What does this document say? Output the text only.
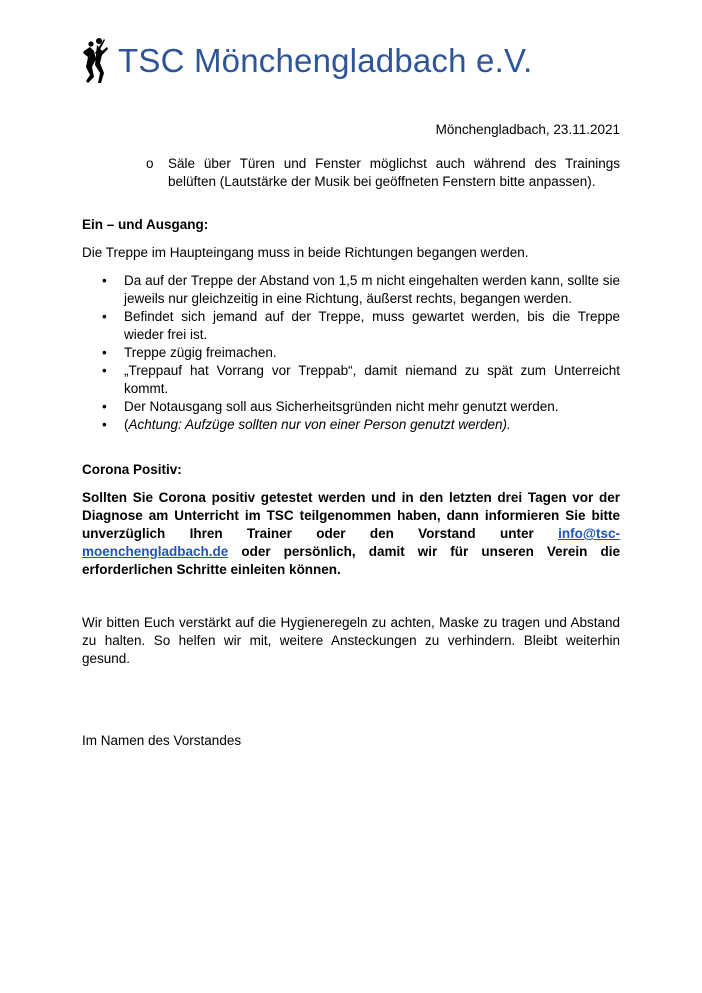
TSC Mönchengladbach e.V.
Mönchengladbach, 23.11.2021
o	Säle über Türen und Fenster möglichst auch während des Trainings belüften (Lautstärke der Musik bei geöffneten Fenstern bitte anpassen).

Ein – und Ausgang:

Die Treppe im Haupteingang muss in beide Richtungen begangen werden.

•	Da auf der Treppe der Abstand von 1,5 m nicht eingehalten werden kann, sollte sie jeweils nur gleichzeitig in eine Richtung, äußerst rechts, begangen werden.
•	Befindet sich jemand auf der Treppe, muss gewartet werden, bis die Treppe wieder frei ist.
•	Treppe zügig freimachen.
•	„Treppauf hat Vorrang vor Treppab“, damit niemand zu spät zum Unterreicht kommt.
•	Der Notausgang soll aus Sicherheitsgründen nicht mehr genutzt werden.
•	(Achtung: Aufzüge sollten nur von einer Person genutzt werden).

Corona Positiv:

Sollten Sie Corona positiv getestet werden und in den letzten drei Tagen vor der Diagnose am Unterricht im TSC teilgenommen haben, dann informieren Sie bitte unverzüglich Ihren Trainer oder den Vorstand unter info@tsc-moenchengladbach.de oder persönlich, damit wir für unseren Verein die erforderlichen Schritte einleiten können.

Wir bitten Euch verstärkt auf die Hygieneregeln zu achten, Maske zu tragen und Abstand zu halten. So helfen wir mit, weitere Ansteckungen zu verhindern. Bleibt weiterhin gesund.
Im Namen des Vorstandes
